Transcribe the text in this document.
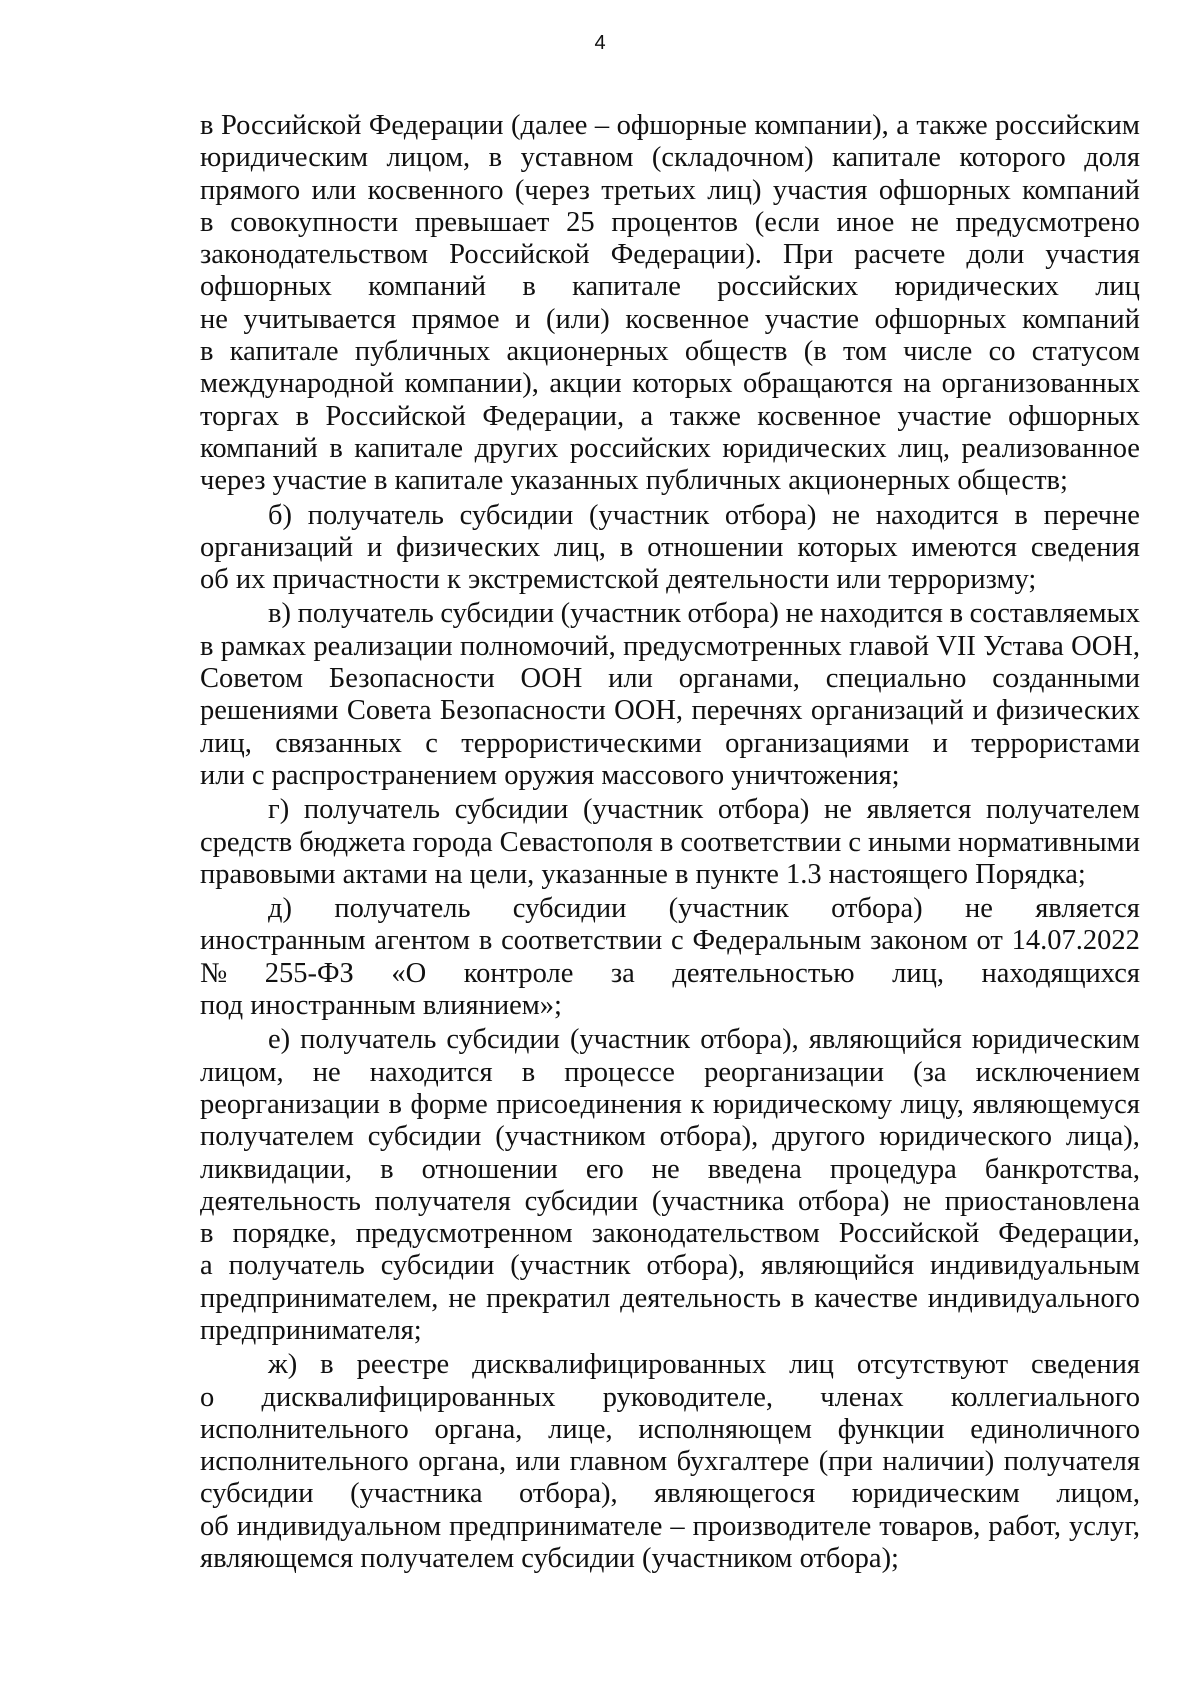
4
в Российской Федерации (далее – офшорные компании), а также российским
юридическим лицом, в уставном (складочном) капитале которого доля
прямого или косвенного (через третьих лиц) участия офшорных компаний
в совокупности превышает 25 процентов (если иное не предусмотрено
законодательством Российской Федерации). При расчете доли участия
офшорных компаний в капитале российских юридических лиц
не учитывается прямое и (или) косвенное участие офшорных компаний
в капитале публичных акционерных обществ (в том числе со статусом
международной компании), акции которых обращаются на организованных
торгах в Российской Федерации, а также косвенное участие офшорных
компаний в капитале других российских юридических лиц, реализованное
через участие в капитале указанных публичных акционерных обществ;
б) получатель субсидии (участник отбора) не находится в перечне
организаций и физических лиц, в отношении которых имеются сведения
об их причастности к экстремистской деятельности или терроризму;
в) получатель субсидии (участник отбора) не находится в составляемых
в рамках реализации полномочий, предусмотренных главой VII Устава ООН,
Советом Безопасности ООН или органами, специально созданными
решениями Совета Безопасности ООН, перечнях организаций и физических
лиц, связанных с террористическими организациями и террористами
или с распространением оружия массового уничтожения;
г) получатель субсидии (участник отбора) не является получателем
средств бюджета города Севастополя в соответствии с иными нормативными
правовыми актами на цели, указанные в пункте 1.3 настоящего Порядка;
д) получатель субсидии (участник отбора) не является
иностранным агентом в соответствии с Федеральным законом от 14.07.2022
№ 255-ФЗ «О контроле за деятельностью лиц, находящихся
под иностранным влиянием»;
е) получатель субсидии (участник отбора), являющийся юридическим
лицом, не находится в процессе реорганизации (за исключением
реорганизации в форме присоединения к юридическому лицу, являющемуся
получателем субсидии (участником отбора), другого юридического лица),
ликвидации, в отношении его не введена процедура банкротства,
деятельность получателя субсидии (участника отбора) не приостановлена
в порядке, предусмотренном законодательством Российской Федерации,
а получатель субсидии (участник отбора), являющийся индивидуальным
предпринимателем, не прекратил деятельность в качестве индивидуального
предпринимателя;
ж) в реестре дисквалифицированных лиц отсутствуют сведения
о дисквалифицированных руководителе, членах коллегиального
исполнительного органа, лице, исполняющем функции единоличного
исполнительного органа, или главном бухгалтере (при наличии) получателя
субсидии (участника отбора), являющегося юридическим лицом,
об индивидуальном предпринимателе – производителе товаров, работ, услуг,
являющемся получателем субсидии (участником отбора);
